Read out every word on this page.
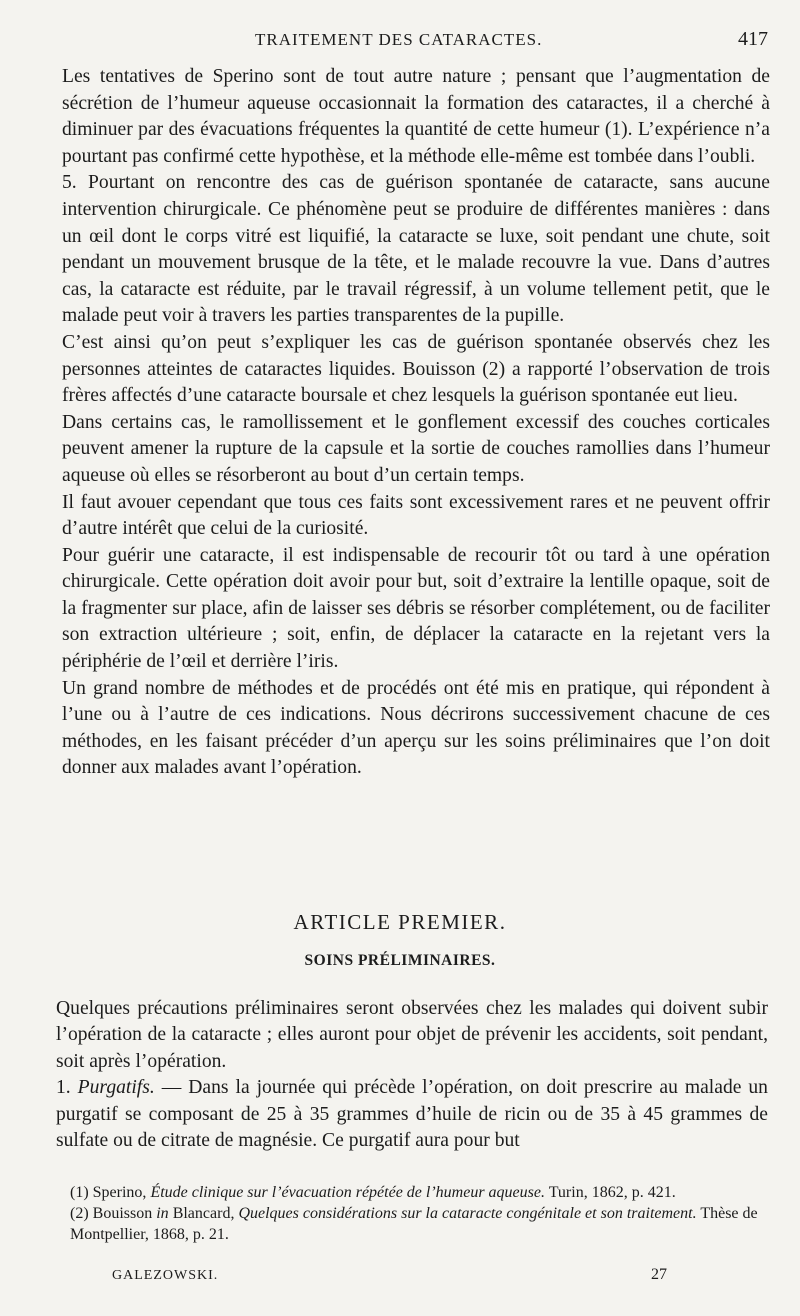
TRAITEMENT DES CATARACTES.	417

Les tentatives de Sperino sont de tout autre nature ; pensant que l’augmentation de sécrétion de l’humeur aqueuse occasionnait la formation des cataractes, il a cherché à diminuer par des évacuations fréquentes la quantité de cette humeur (1). L’expérience n’a pourtant pas confirmé cette hypothèse, et la méthode elle-même est tombée dans l’oubli.

5. Pourtant on rencontre des cas de guérison spontanée de cataracte, sans aucune intervention chirurgicale. Ce phénomène peut se produire de différentes manières : dans un œil dont le corps vitré est liquifié, la cataracte se luxe, soit pendant une chute, soit pendant un mouvement brusque de la tête, et le malade recouvre la vue. Dans d’autres cas, la cataracte est réduite, par le travail régressif, à un volume tellement petit, que le malade peut voir à travers les parties transparentes de la pupille.

C’est ainsi qu’on peut s’expliquer les cas de guérison spontanée observés chez les personnes atteintes de cataractes liquides. Bouisson (2) a rapporté l’observation de trois frères affectés d’une cataracte boursale et chez lesquels la guérison spontanée eut lieu.

Dans certains cas, le ramollissement et le gonflement excessif des couches corticales peuvent amener la rupture de la capsule et la sortie de couches ramollies dans l’humeur aqueuse où elles se résorberont au bout d’un certain temps.

Il faut avouer cependant que tous ces faits sont excessivement rares et ne peuvent offrir d’autre intérêt que celui de la curiosité.

Pour guérir une cataracte, il est indispensable de recourir tôt ou tard à une opération chirurgicale. Cette opération doit avoir pour but, soit d’extraire la lentille opaque, soit de la fragmenter sur place, afin de laisser ses débris se résorber complétement, ou de faciliter son extraction ultérieure ; soit, enfin, de déplacer la cataracte en la rejetant vers la périphérie de l’œil et derrière l’iris.

Un grand nombre de méthodes et de procédés ont été mis en pratique, qui répondent à l’une ou à l’autre de ces indications. Nous décrirons successivement chacune de ces méthodes, en les faisant précéder d’un aperçu sur les soins préliminaires que l’on doit donner aux malades avant l’opération.

ARTICLE PREMIER.
SOINS PRÉLIMINAIRES.

Quelques précautions préliminaires seront observées chez les malades qui doivent subir l’opération de la cataracte ; elles auront pour objet de prévenir les accidents, soit pendant, soit après l’opération.

1. Purgatifs. — Dans la journée qui précède l’opération, on doit prescrire au malade un purgatif se composant de 25 à 35 grammes d’huile de ricin ou de 35 à 45 grammes de sulfate ou de citrate de magnésie. Ce purgatif aura pour but

(1) Sperino, Étude clinique sur l’évacuation répétée de l’humeur aqueuse. Turin, 1862, p. 421.

(2) Bouisson in Blancard, Quelques considérations sur la cataracte congénitale et son traitement. Thèse de Montpellier, 1868, p. 21.

GALEZOWSKI.	27
